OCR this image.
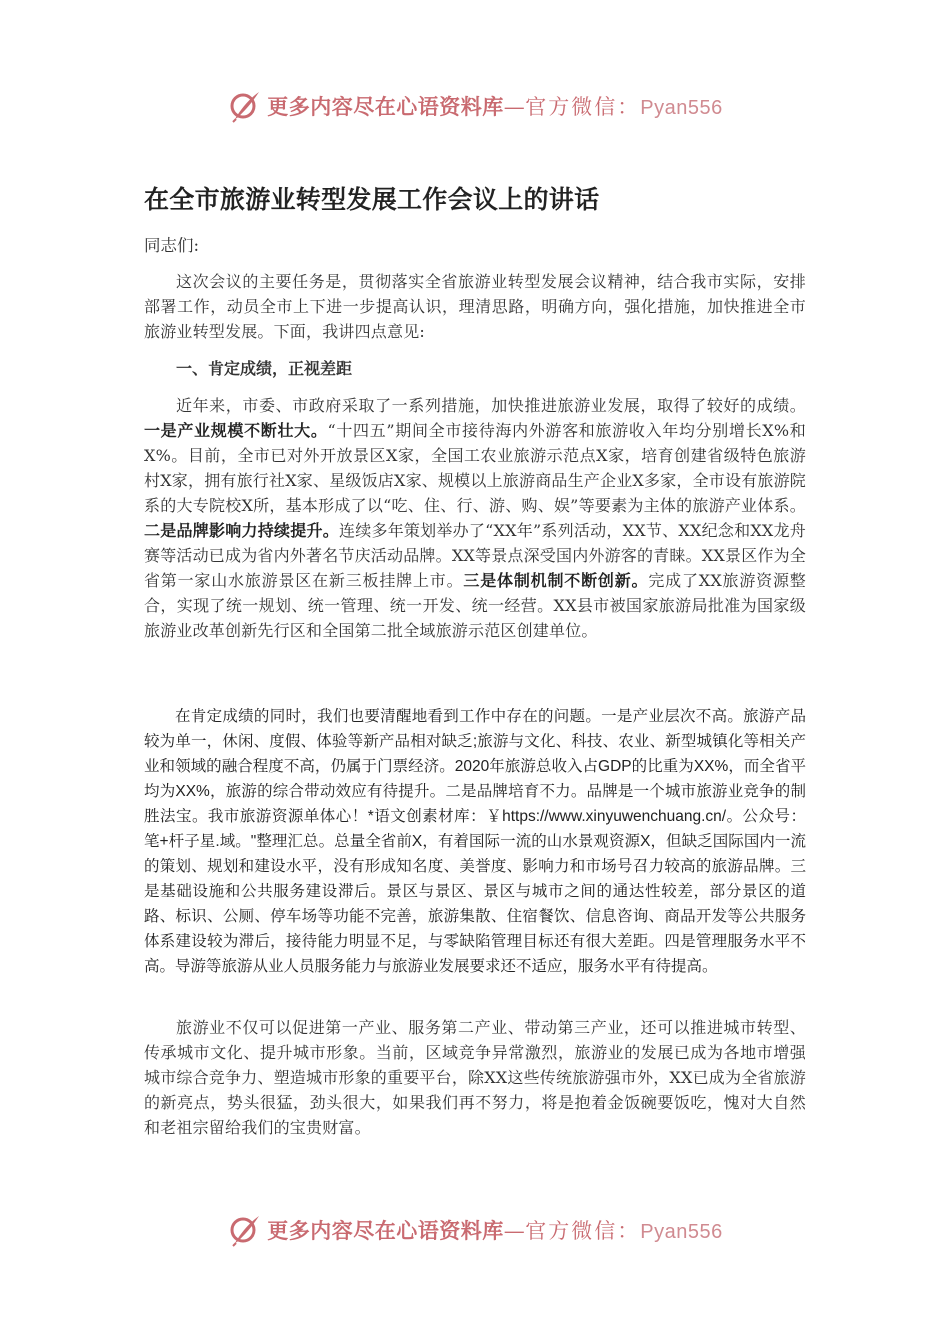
更多内容尽在心语资料库—官方微信：Pyan556
在全市旅游业转型发展工作会议上的讲话
同志们:

这次会议的主要任务是，贯彻落实全省旅游业转型发展会议精神，结合我市实际，安排部署工作，动员全市上下进一步提高认识，理清思路，明确方向，强化措施，加快推进全市旅游业转型发展。下面，我讲四点意见:

一、肯定成绩，正视差距

近年来，市委、市政府采取了一系列措施，加快推进旅游业发展，取得了较好的成绩。一是产业规模不断壮大。“十四五”期间全市接待海内外游客和旅游收入年均分别增长X%和X%。目前，全市已对外开放景区X家，全国工农业旅游示范点X家，培育创建省级特色旅游村X家，拥有旅行社X家、星级饭店X家、规模以上旅游商品生产企业X多家，全市设有旅游院系的大专院校X所，基本形成了以“吃、住、行、游、购、娱”等要素为主体的旅游产业体系。二是品牌影响力持续提升。连续多年策划举办了“XX年”系列活动，XX节、XX纪念和XX龙舟赛等活动已成为省内外著名节庆活动品牌。XX等景点深受国内外游客的青睐。XX景区作为全省第一家山水旅游景区在新三板挂牌上市。三是体制机制不断创新。完成了XX旅游资源整合，实现了统一规划、统一管理、统一开发、统一经营。XX县市被国家旅游局批准为国家级旅游业改革创新先行区和全国第二批全域旅游示范区创建单位。

在肯定成绩的同时，我们也要清醒地看到工作中存在的问题。一是产业层次不高。旅游产品较为单一，休闲、度假、体验等新产品相对缺乏;旅游与文化、科技、农业、新型城镇化等相关产业和领域的融合程度不高，仍属于门票经济。2020年旅游总收入占GDP的比重为XX%，而全省平均为XX%，旅游的综合带动效应有待提升。二是品牌培育不力。品牌是一个城市旅游业竞争的制胜法宝。我市旅游资源单体心！*语文创素材库：￥https://www.xinyuwenchuang.cn/。公众号：笔+杆子星.域。"整理汇总。总量全省前X，有着国际一流的山水景观资源X，但缺乏国际国内一流的策划、规划和建设水平，没有形成知名度、美誉度、影响力和市场号召力较高的旅游品牌。三是基础设施和公共服务建设滞后。景区与景区、景区与城市之间的通达性较差，部分景区的道路、标识、公厕、停车场等功能不完善，旅游集散、住宿餐饮、信息咨询、商品开发等公共服务体系建设较为滞后，接待能力明显不足，与零缺陷管理目标还有很大差距。四是管理服务水平不高。导游等旅游从业人员服务能力与旅游业发展要求还不适应，服务水平有待提高。

旅游业不仅可以促进第一产业、服务第二产业、带动第三产业，还可以推进城市转型、传承城市文化、提升城市形象。当前，区域竞争异常激烈，旅游业的发展已成为各地市增强城市综合竞争力、塑造城市形象的重要平台，除XX这些传统旅游强市外，XX已成为全省旅游的新亮点，势头很猛，劲头很大，如果我们再不努力，将是抱着金饭碗要饭吃，愧对大自然和老祖宗留给我们的宝贵财富。

更多内容尽在心语资料库—官方微信：Pyan556
